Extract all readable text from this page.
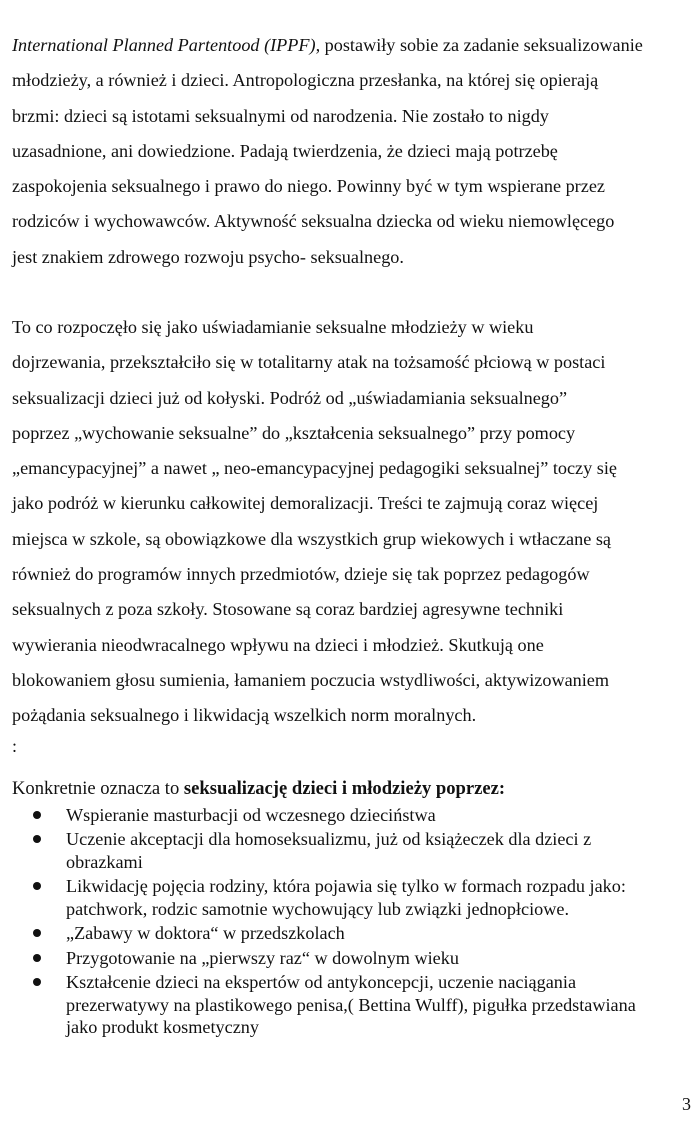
International Planned Partentood (IPPF), postawiły sobie za zadanie seksualizowanie
młodzieży, a również i dzieci. Antropologiczna przesłanka, na której się opierają
brzmi: dzieci są istotami seksualnymi od narodzenia. Nie zostało to nigdy
uzasadnione, ani dowiedzione. Padają twierdzenia, że dzieci mają potrzebę
zaspokojenia seksualnego i prawo do niego. Powinny być w tym wspierane przez
rodziców i wychowawców. Aktywność seksualna dziecka od wieku niemowlęcego
jest znakiem zdrowego rozwoju psycho- seksualnego.

To co rozpoczęło się jako uświadamianie seksualne młodzieży w wieku
dojrzewania, przekształciło się w totalitarny atak na tożsamość płciową w postaci
seksualizacji dzieci już od kołyski. Podróż od „uświadamiania seksualnego”
poprzez „wychowanie seksualne” do „kształcenia seksualnego” przy pomocy
„emancypacyjnej” a nawet „ neo-emancypacyjnej pedagogiki seksualnej” toczy się
jako podróż w kierunku całkowitej demoralizacji. Treści te zajmują coraz więcej
miejsca w szkole, są obowiązkowe dla wszystkich grup wiekowych i wtłaczane są
również do programów innych przedmiotów, dzieje się tak poprzez pedagogów
seksualnych z poza szkoły. Stosowane są coraz bardziej agresywne techniki
wywierania nieodwracalnego wpływu na dzieci i młodzież. Skutkują one
blokowaniem głosu sumienia, łamaniem poczucia wstydliwości, aktywizowaniem
pożądania seksualnego i likwidacją wszelkich norm moralnych.

:

Konkretnie oznacza to seksualizację dzieci i młodzieży poprzez:

Wspieranie masturbacji od wczesnego dzieciństwa
Uczenie akceptacji dla homoseksualizmu, już od książeczek dla dzieci z
obrazkami
Likwidację pojęcia rodziny, która pojawia się tylko w formach rozpadu jako:
patchwork, rodzic samotnie wychowujący lub związki jednopłciowe.
„Zabawy w doktora“ w przedszkolach
Przygotowanie na „pierwszy raz“ w dowolnym wieku
Kształcenie dzieci na ekspertów od antykoncepcji, uczenie naciągania
prezerwatywy na plastikowego penisa,( Bettina Wulff), pigułka przedstawiana
jako produkt kosmetyczny
3
